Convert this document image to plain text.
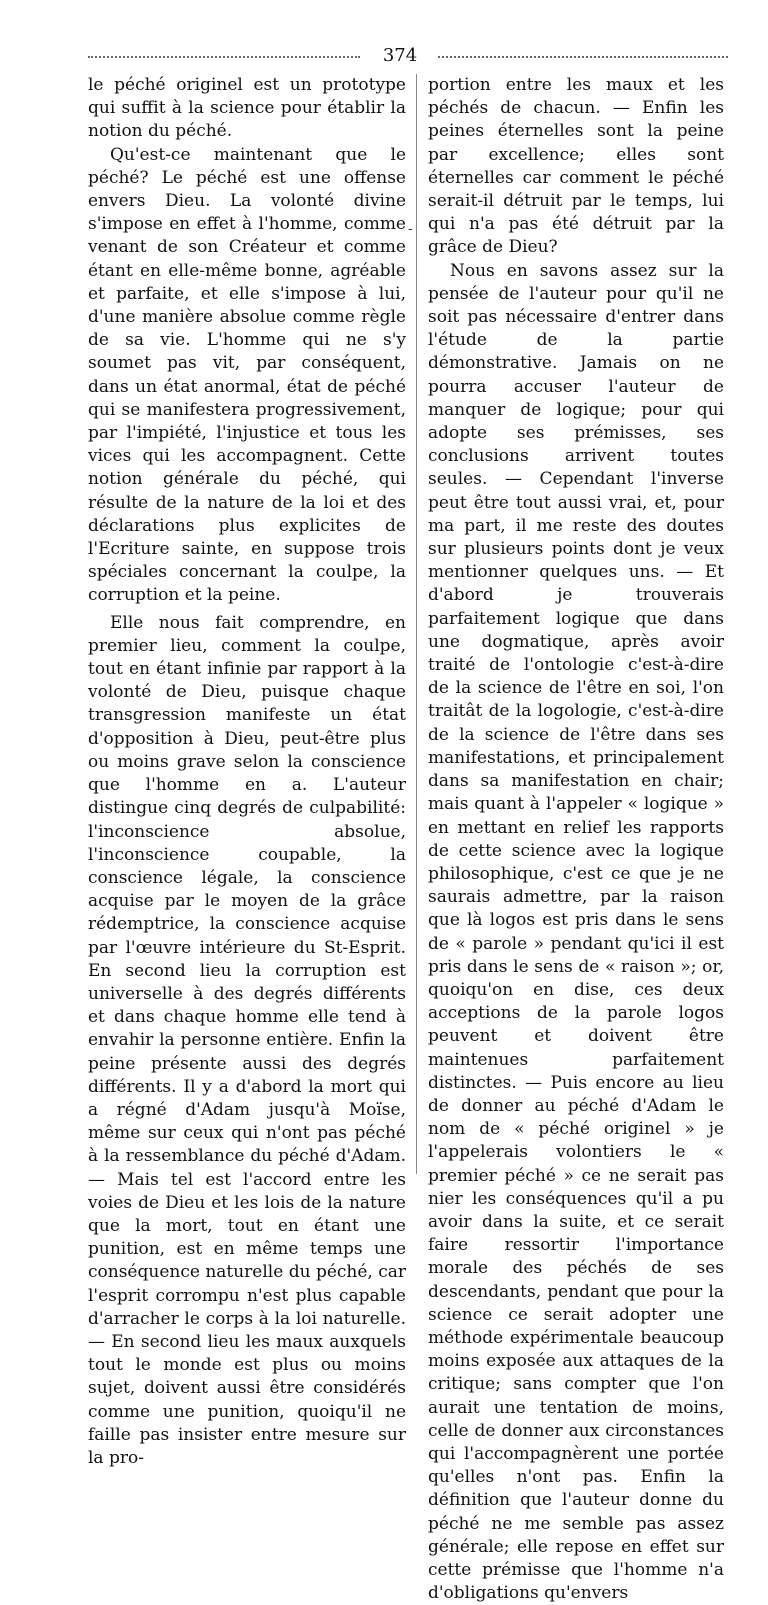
374

le péché originel est un prototype qui suffit à la science pour établir la notion du péché.

Qu'est-ce maintenant que le péché? Le péché est une offense envers Dieu. La volonté divine s'impose en effet à l'homme, comme venant de son Créateur et comme étant en elle-même bonne, agréable et parfaite, et elle s'impose à lui, d'une manière absolue comme règle de sa vie. L'homme qui ne s'y soumet pas vit, par conséquent, dans un état anormal, état de péché qui se manifestera progressivement, par l'impiété, l'injustice et tous les vices qui les accompagnent. Cette notion générale du péché, qui résulte de la nature de la loi et des déclarations plus explicites de l'Ecriture sainte, en suppose trois spéciales concernant la coulpe, la corruption et la peine.

Elle nous fait comprendre, en premier lieu, comment la coulpe, tout en étant infinie par rapport à la volonté de Dieu, puisque chaque transgression manifeste un état d'opposition à Dieu, peut-être plus ou moins grave selon la conscience que l'homme en a. L'auteur distingue cinq degrés de culpabilité: l'inconscience absolue, l'inconscience coupable, la conscience légale, la conscience acquise par le moyen de la grâce rédemptrice, la conscience acquise par l'œuvre intérieure du St-Esprit. En second lieu la corruption est universelle à des degrés différents et dans chaque homme elle tend à envahir la personne entière. Enfin la peine présente aussi des degrés différents. Il y a d'abord la mort qui a régné d'Adam jusqu'à Moïse, même sur ceux qui n'ont pas péché à la ressemblance du péché d'Adam. — Mais tel est l'accord entre les voies de Dieu et les lois de la nature que la mort, tout en étant une punition, est en même temps une conséquence naturelle du péché, car l'esprit corrompu n'est plus capable d'arracher le corps à la loi naturelle. — En second lieu les maux auxquels tout le monde est plus ou moins sujet, doivent aussi être considérés comme une punition, quoiqu'il ne faille pas insister entre mesure sur la pro-

-

portion entre les maux et les péchés de chacun. — Enfin les peines éternelles sont la peine par excellence; elles sont éternelles car comment le péché serait-il détruit par le temps, lui qui n'a pas été détruit par la grâce de Dieu?

Nous en savons assez sur la pensée de l'auteur pour qu'il ne soit pas nécessaire d'entrer dans l'étude de la partie démonstrative. Jamais on ne pourra accuser l'auteur de manquer de logique; pour qui adopte ses prémisses, ses conclusions arrivent toutes seules. — Cependant l'inverse peut être tout aussi vrai, et, pour ma part, il me reste des doutes sur plusieurs points dont je veux mentionner quelques uns. — Et d'abord je trouverais parfaitement logique que dans une dogmatique, après avoir traité de l'ontologie c'est-à-dire de la science de l'être en soi, l'on traitât de la logologie, c'est-à-dire de la science de l'être dans ses manifestations, et principalement dans sa manifestation en chair; mais quant à l'appeler « logique » en mettant en relief les rapports de cette science avec la logique philosophique, c'est ce que je ne saurais admettre, par la raison que là logos est pris dans le sens de « parole » pendant qu'ici il est pris dans le sens de « raison »; or, quoiqu'on en dise, ces deux acceptions de la parole logos peuvent et doivent être maintenues parfaitement distinctes. — Puis encore au lieu de donner au péché d'Adam le nom de « péché originel » je l'appelerais volontiers le « premier péché » ce ne serait pas nier les conséquences qu'il a pu avoir dans la suite, et ce serait faire ressortir l'importance morale des péchés de ses descendants, pendant que pour la science ce serait adopter une méthode expérimentale beaucoup moins exposée aux attaques de la critique; sans compter que l'on aurait une tentation de moins, celle de donner aux circonstances qui l'accompagnèrent une portée qu'elles n'ont pas. Enfin la définition que l'auteur donne du péché ne me semble pas assez générale; elle repose en effet sur cette prémisse que l'homme n'a d'obligations qu'envers
